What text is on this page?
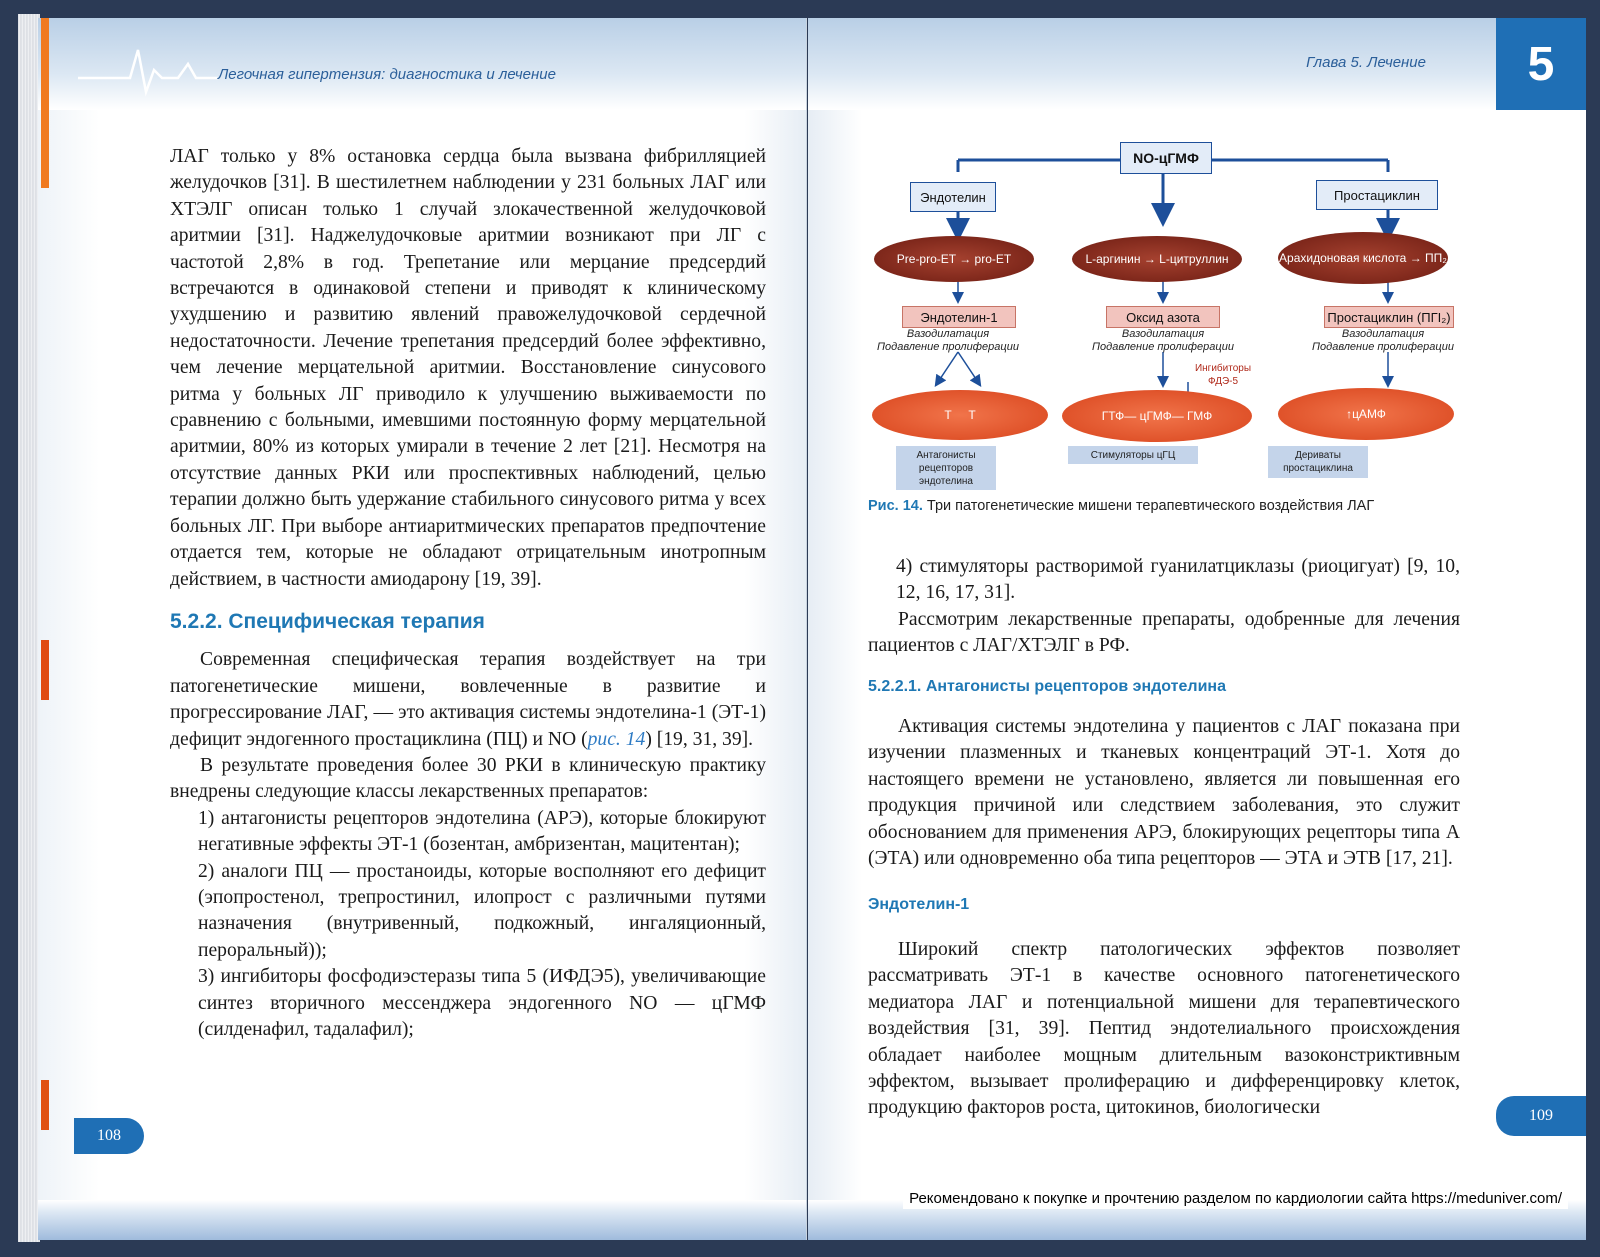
Легочная гипертензия: диагностика и лечение

ЛАГ только у 8% остановка сердца была вызвана фибрилляцией желудочков [31]. В шестилетнем наблюдении у 231 больных ЛАГ или ХТЭЛГ описан только 1 случай злокачественной желудочковой аритмии [31]. Наджелудочковые аритмии возникают при ЛГ с частотой 2,8% в год. Трепетание или мерцание предсердий встречаются в одинаковой степени и приводят к клиническому ухудшению и развитию явлений правожелудочковой сердечной недостаточности. Лечение трепетания предсердий более эффективно, чем лечение мерцательной аритмии. Восстановление синусового ритма у больных ЛГ приводило к улучшению выживаемости по сравнению с больными, имевшими постоянную форму мерцательной аритмии, 80% из которых умирали в течение 2 лет [21]. Несмотря на отсутствие данных РКИ или проспективных наблюдений, целью терапии должно быть удержание стабильного синусового ритма у всех больных ЛГ. При выборе антиаритмических препаратов предпочтение отдается тем, которые не обладают отрицательным инотропным действием, в частности амиодарону [19, 39].

5.2.2. Специфическая терапия

Современная специфическая терапия воздействует на три патогенетические мишени, вовлеченные в развитие и прогрессирование ЛАГ, — это активация системы эндотелина-1 (ЭТ-1) дефицит эндогенного простациклина (ПЦ) и NO (рис. 14) [19, 31, 39].

В результате проведения более 30 РКИ в клиническую практику внедрены следующие классы лекарственных препаратов:

1) антагонисты рецепторов эндотелина (АРЭ), которые блокируют негативные эффекты ЭТ-1 (бозентан, амбризентан, мацитентан);

2) аналоги ПЦ — простаноиды, которые восполняют его дефицит (эпопростенол, трепростинил, илопрост с различными путями назначения (внутривенный, подкожный, ингаляционный, пероральный));

3) ингибиторы фосфодиэстеразы типа 5 (ИФДЭ5), увеличивающие синтез вторичного мессенджера эндогенного NO — цГМФ (силденафил, тадалафил);

108
Глава 5. Лечение	5
NO-цГМФ
Эндотелин	Простациклин
Pre-pro-ET → pro-ET	L-аргинин → L-цитруллин	Арахидоновая кислота → ПП₂
Эндотелин-1	Оксид азота	Простациклин (ПГI₂)
Вазодилатация
Подавление пролиферации
Вазодилатация
Подавление пролиферации
Вазодилатация
Подавление пролиферации
Ингибиторы ФДЭ-5
T     T	ГТФ— цГМФ— ГМФ	↑цАМФ
Антагонисты рецепторов эндотелина
Стимуляторы цГЦ	Дериваты простациклина
Рис. 14. Три патогенетические мишени терапевтического воздействия ЛАГ

4) стимуляторы растворимой гуанилатциклазы (риоцигуат) [9, 10, 12, 16, 17, 31].

Рассмотрим лекарственные препараты, одобренные для лечения пациентов с ЛАГ/ХТЭЛГ в РФ.

5.2.2.1. Антагонисты рецепторов эндотелина

Активация системы эндотелина у пациентов с ЛАГ показана при изучении плазменных и тканевых концентраций ЭТ-1. Хотя до настоящего времени не установлено, является ли повышенная его продукция причиной или следствием заболевания, это служит обоснованием для применения АРЭ, блокирующих рецепторы типа А (ЭТА) или одновременно оба типа рецепторов — ЭТА и ЭТВ [17, 21].

Эндотелин-1

Широкий спектр патологических эффектов позволяет рассматривать ЭТ-1 в качестве основного патогенетического медиатора ЛАГ и потенциальной мишени для терапевтического воздействия [31, 39]. Пептид эндотелиального происхождения обладает наиболее мощным длительным вазоконстриктивным эффектом, вызывает пролиферацию и дифференцировку клеток, продукцию факторов роста, цитокинов, биологически	109
Рекомендовано к покупке и прочтению разделом по кардиологии сайта https://meduniver.com/
